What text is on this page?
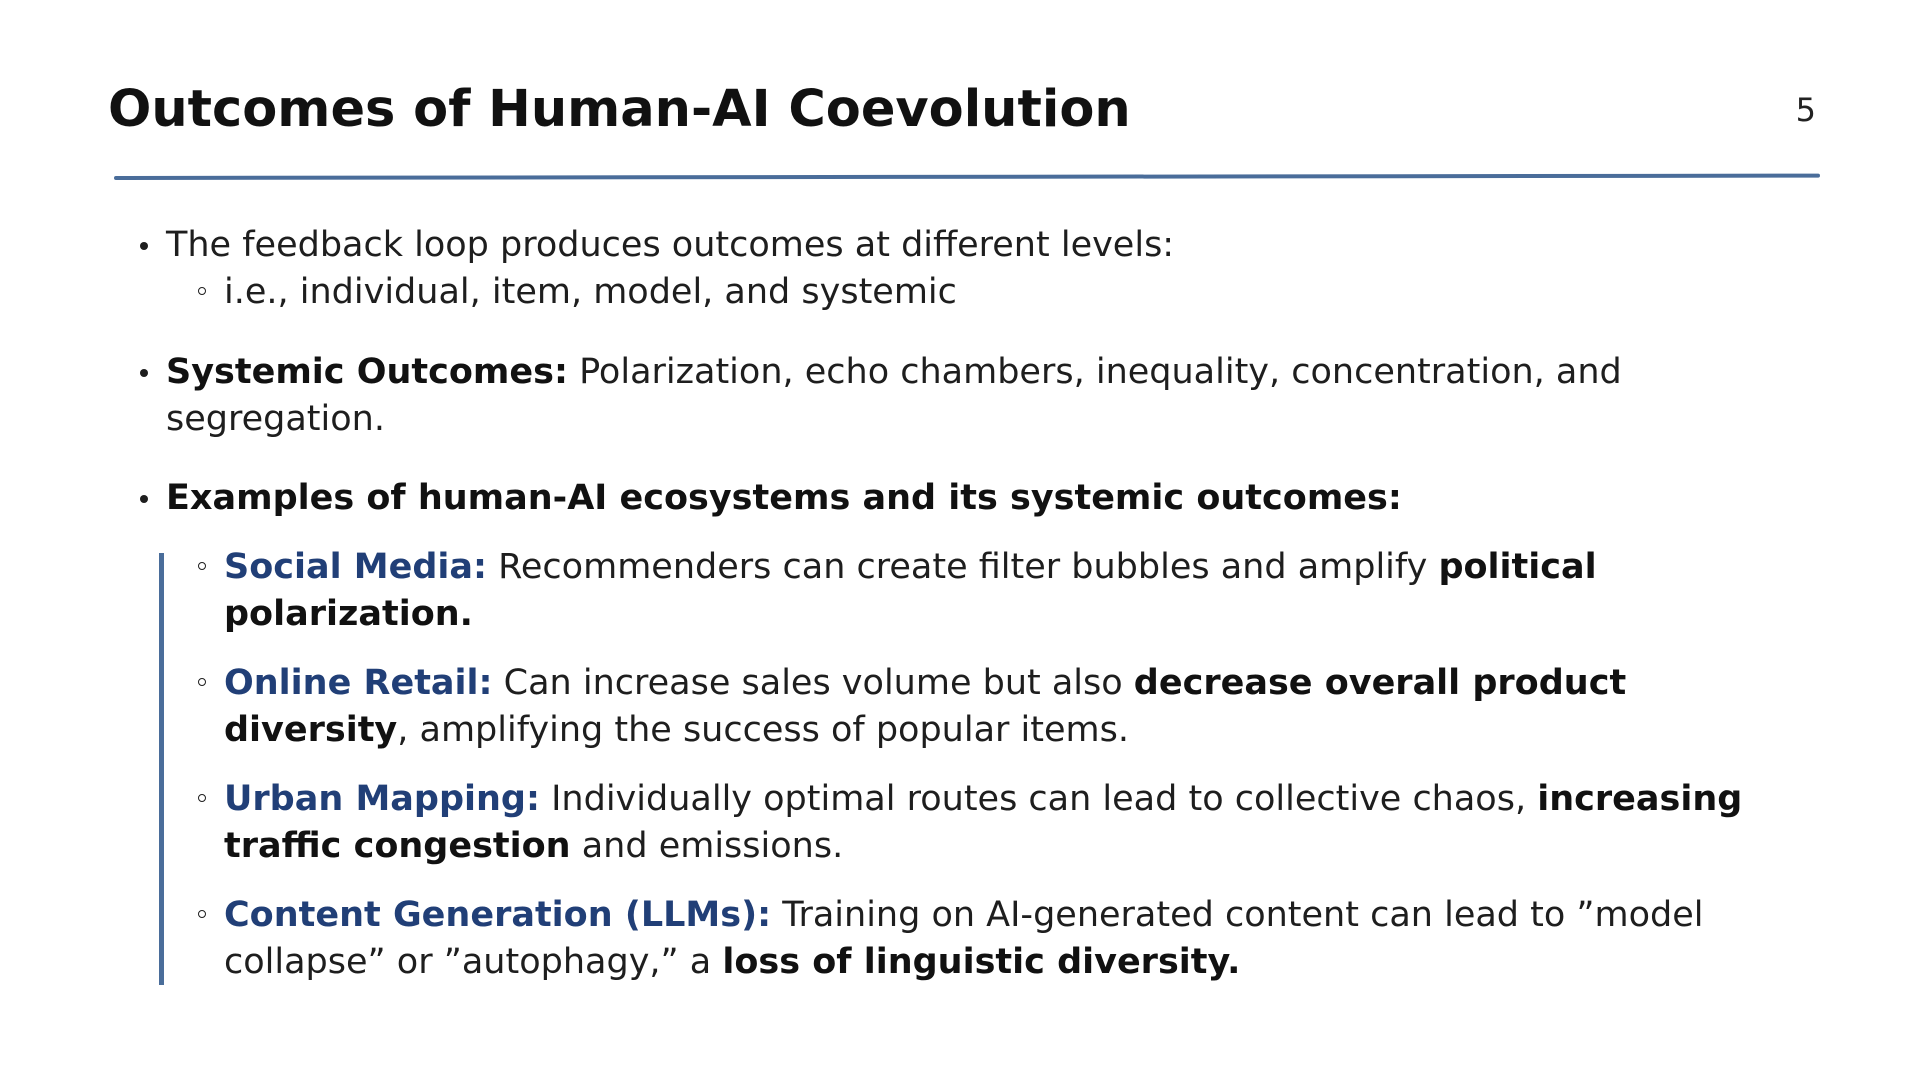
Outcomes of Human-AI Coevolution	5
The feedback loop produces outcomes at different levels:
i.e., individual, item, model, and systemic
Systemic Outcomes: Polarization, echo chambers, inequality, concentration, and
segregation.
Examples of human-AI ecosystems and its systemic outcomes:
Social Media: Recommenders can create filter bubbles and amplify political
polarization.
Online Retail: Can increase sales volume but also decrease overall product
diversity, amplifying the success of popular items.
Urban Mapping: Individually optimal routes can lead to collective chaos, increasing
traffic congestion and emissions.
Content Generation (LLMs): Training on AI-generated content can lead to ”model
collapse” or ”autophagy,” a loss of linguistic diversity.
